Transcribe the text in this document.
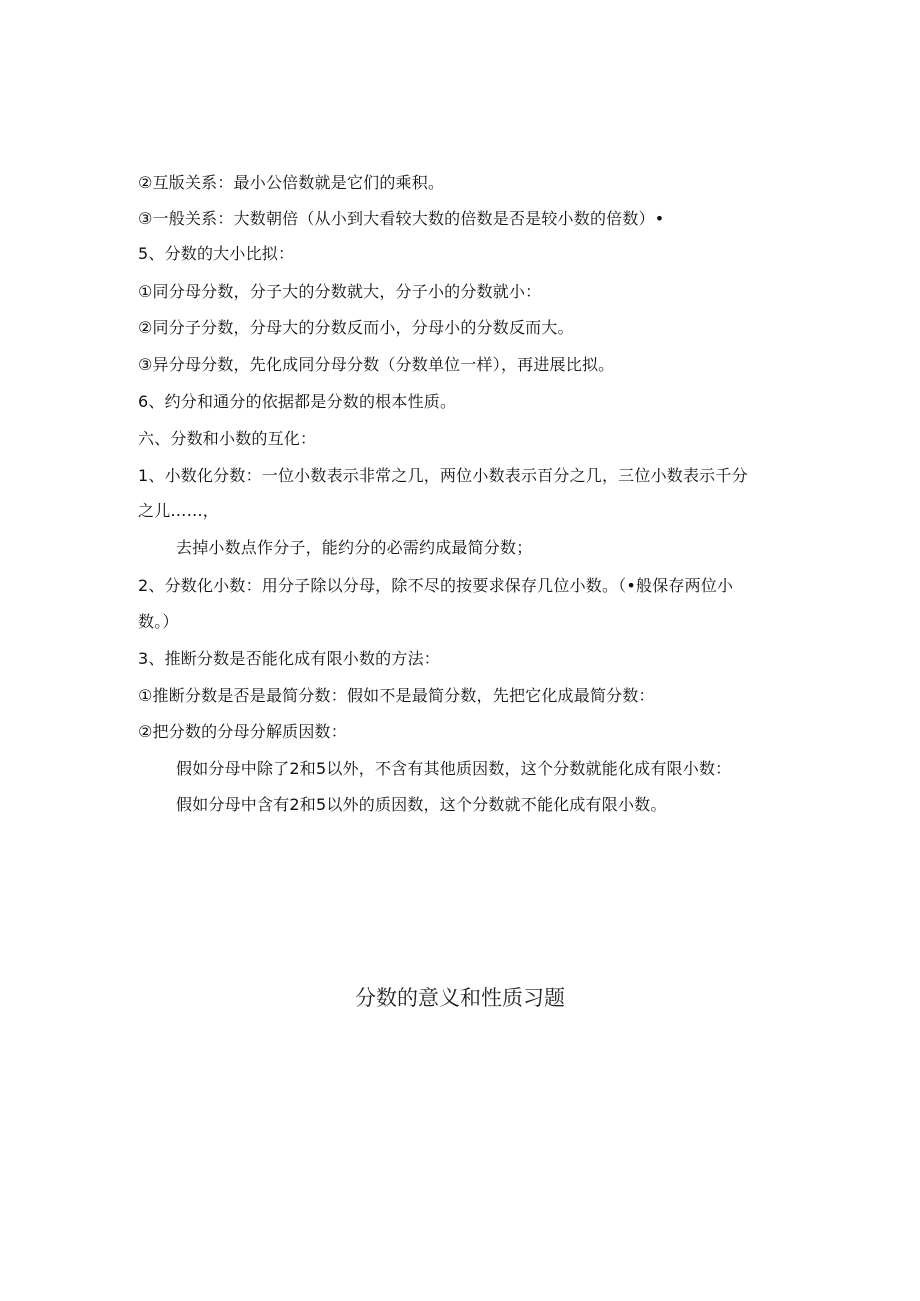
②互版关系：最小公倍数就是它们的乘积。
③一般关系：大数朝倍（从小到大看较大数的倍数是否是较小数的倍数）•
5、分数的大小比拟：
①同分母分数，分子大的分数就大，分子小的分数就小：
②同分子分数，分母大的分数反而小，分母小的分数反而大。
③异分母分数，先化成同分母分数（分数单位一样），再进展比拟。
6、约分和通分的依据都是分数的根本性质。
六、分数和小数的互化：
1、小数化分数：一位小数表示非常之几，两位小数表示百分之几，三位小数表示千分
之儿……，
去掉小数点作分子，能约分的必需约成最简分数；
2、分数化小数：用分子除以分母，除不尽的按要求保存几位小数。（•般保存两位小
数。）
3、推断分数是否能化成有限小数的方法：
①推断分数是否是最简分数：假如不是最简分数，先把它化成最简分数：
②把分数的分母分解质因数：
假如分母中除了2和5以外，不含有其他质因数，这个分数就能化成有限小数：
假如分母中含有2和5以外的质因数，这个分数就不能化成有限小数。
分数的意义和性质习题
